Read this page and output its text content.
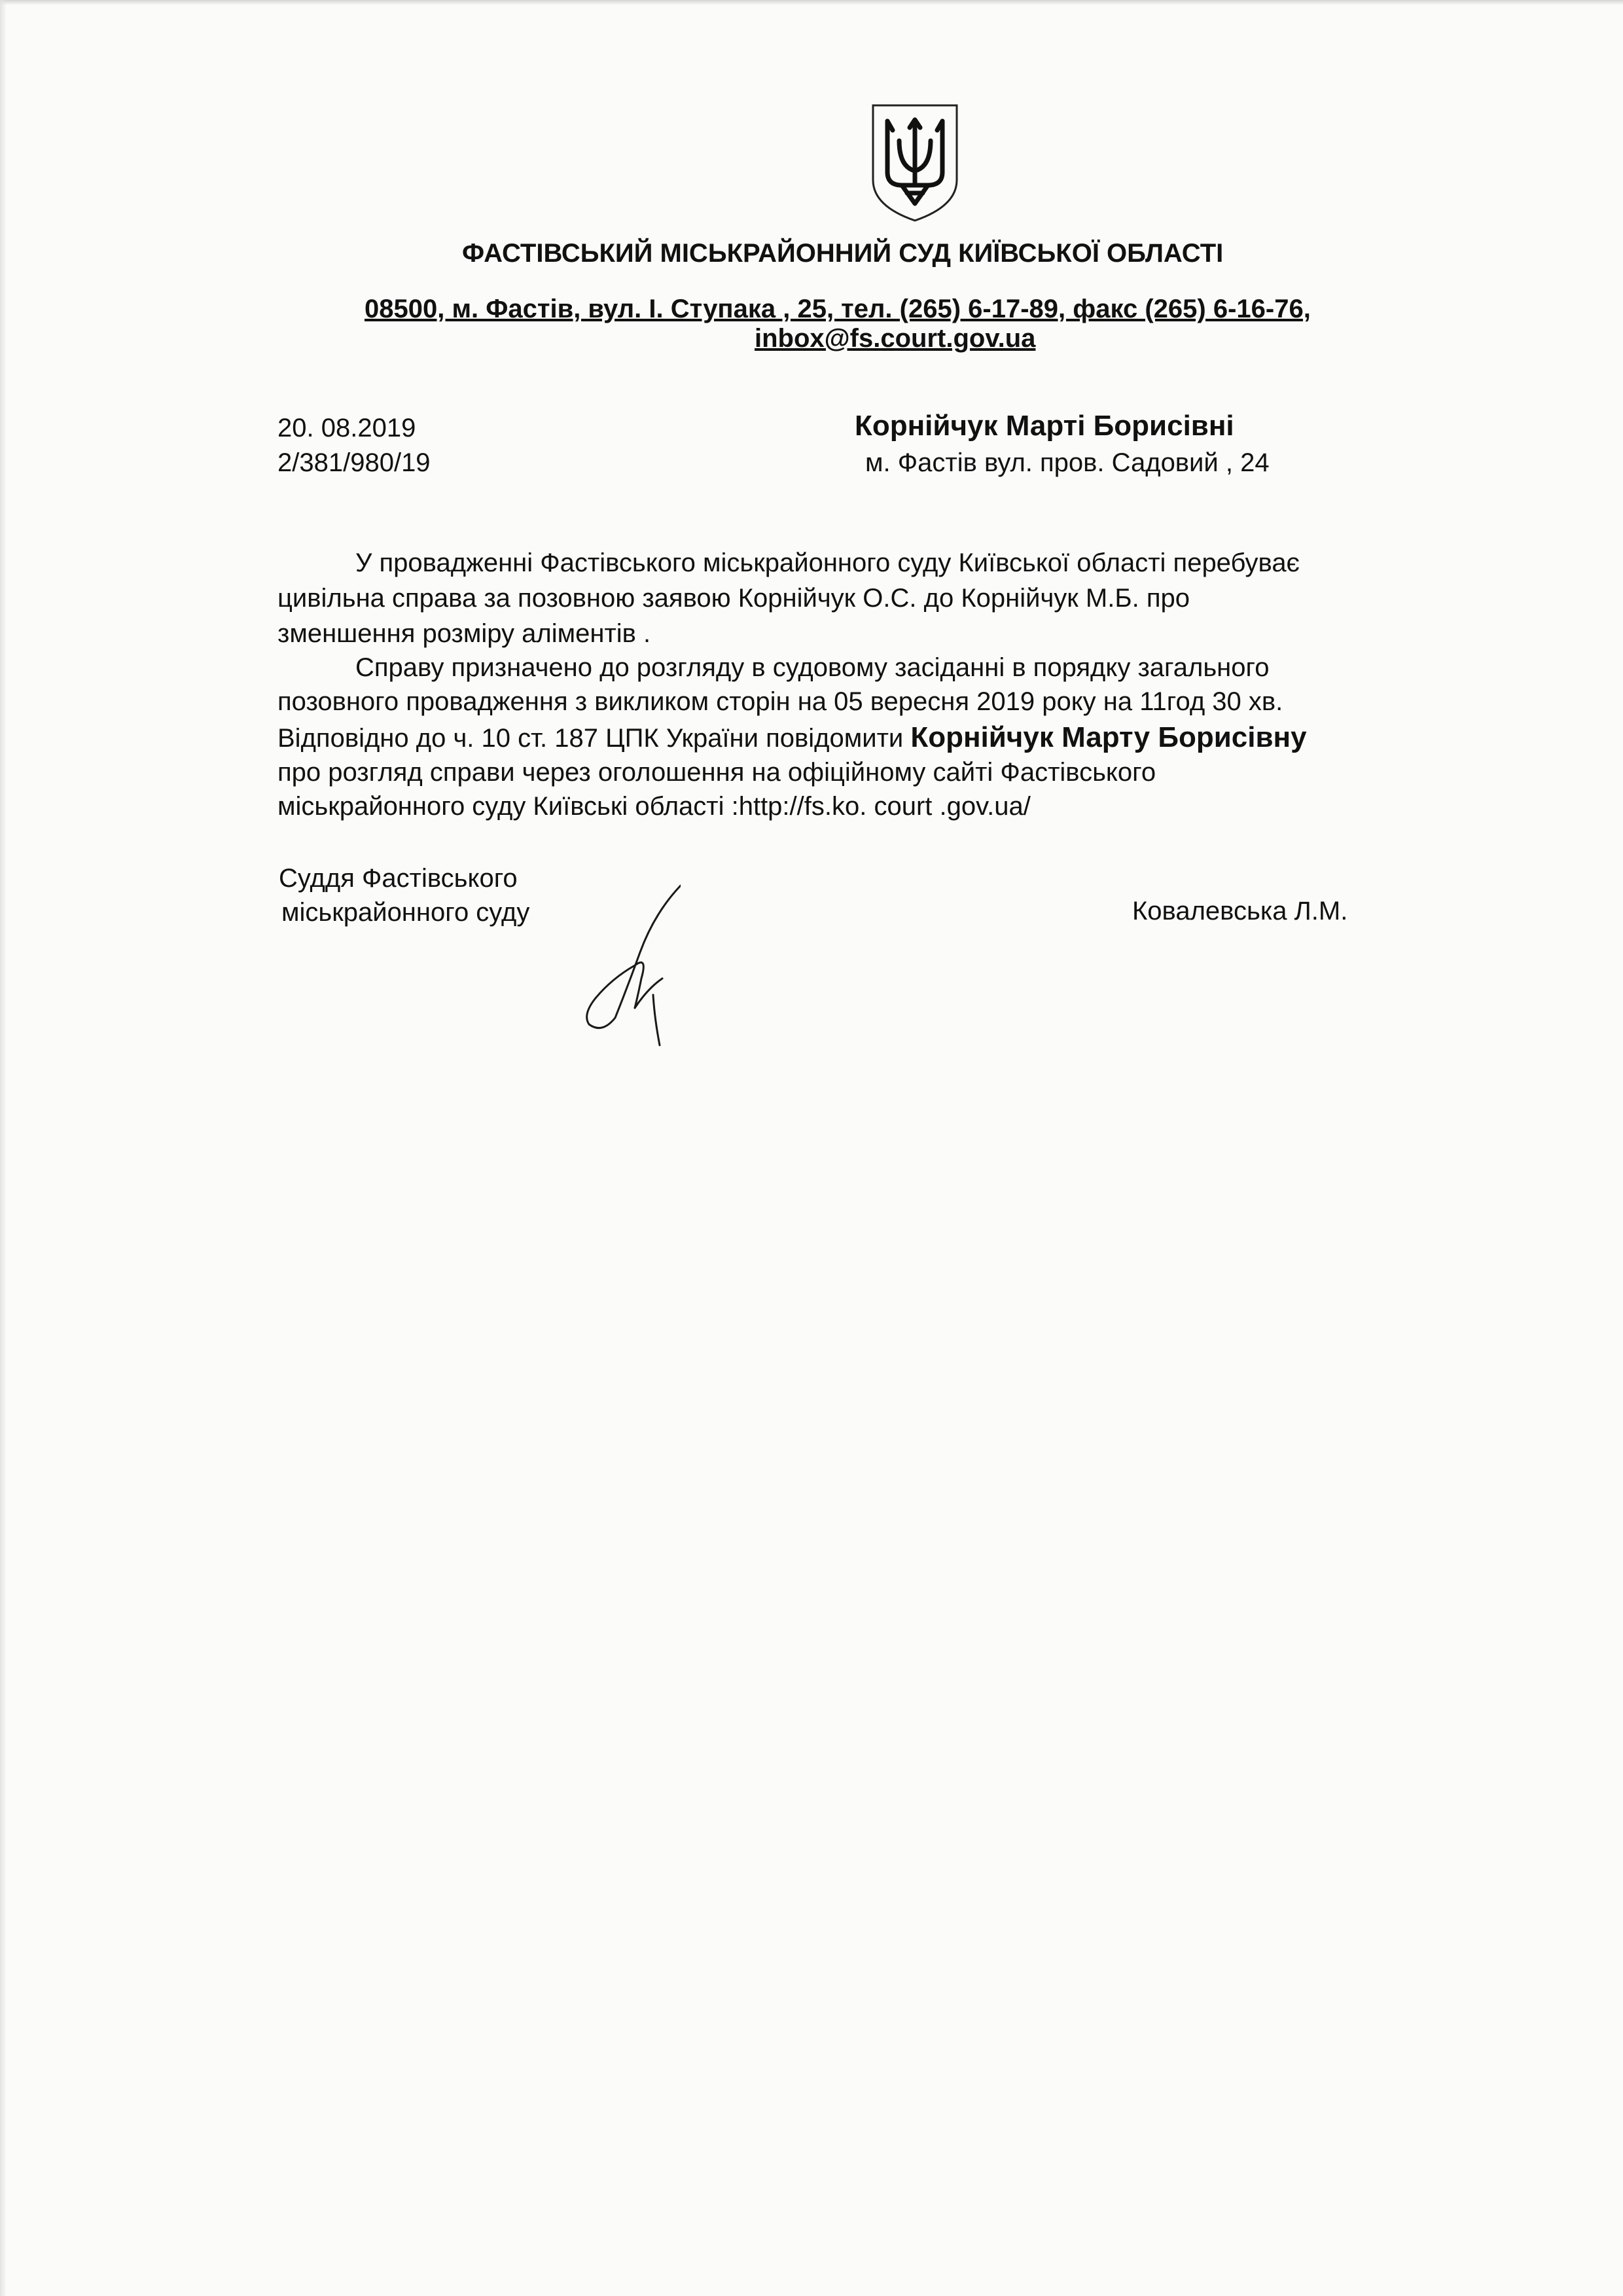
ФАСТІВСЬКИЙ МІСЬКРАЙОННИЙ СУД КИЇВСЬКОЇ ОБЛАСТІ
08500, м. Фастів, вул. І. Ступака , 25, тел. (265) 6-17-89, факс (265) 6-16-76,
inbox@fs.court.gov.ua
20. 08.2019
2/381/980/19
Корнійчук Марті Борисівні
м. Фастів вул. пров. Садовий , 24
У провадженні Фастівського міськрайонного суду Київської області перебуває
цивільна справа за позовною заявою Корнійчук О.С. до Корнійчук М.Б. про
зменшення розміру аліментів .
Справу призначено до розгляду в судовому засіданні в порядку загального
позовного провадження з викликом сторін на 05 вересня 2019 року на 11год 30 хв.
Відповідно до ч. 10 ст. 187 ЦПК України повідомити Корнійчук Марту Борисівну
про розгляд справи через оголошення на офіційному сайті Фастівського
міськрайонного суду Київські області :http://fs.ko. court .gov.ua/
Суддя Фастівського
міськрайонного суду	Ковалевська Л.М.
